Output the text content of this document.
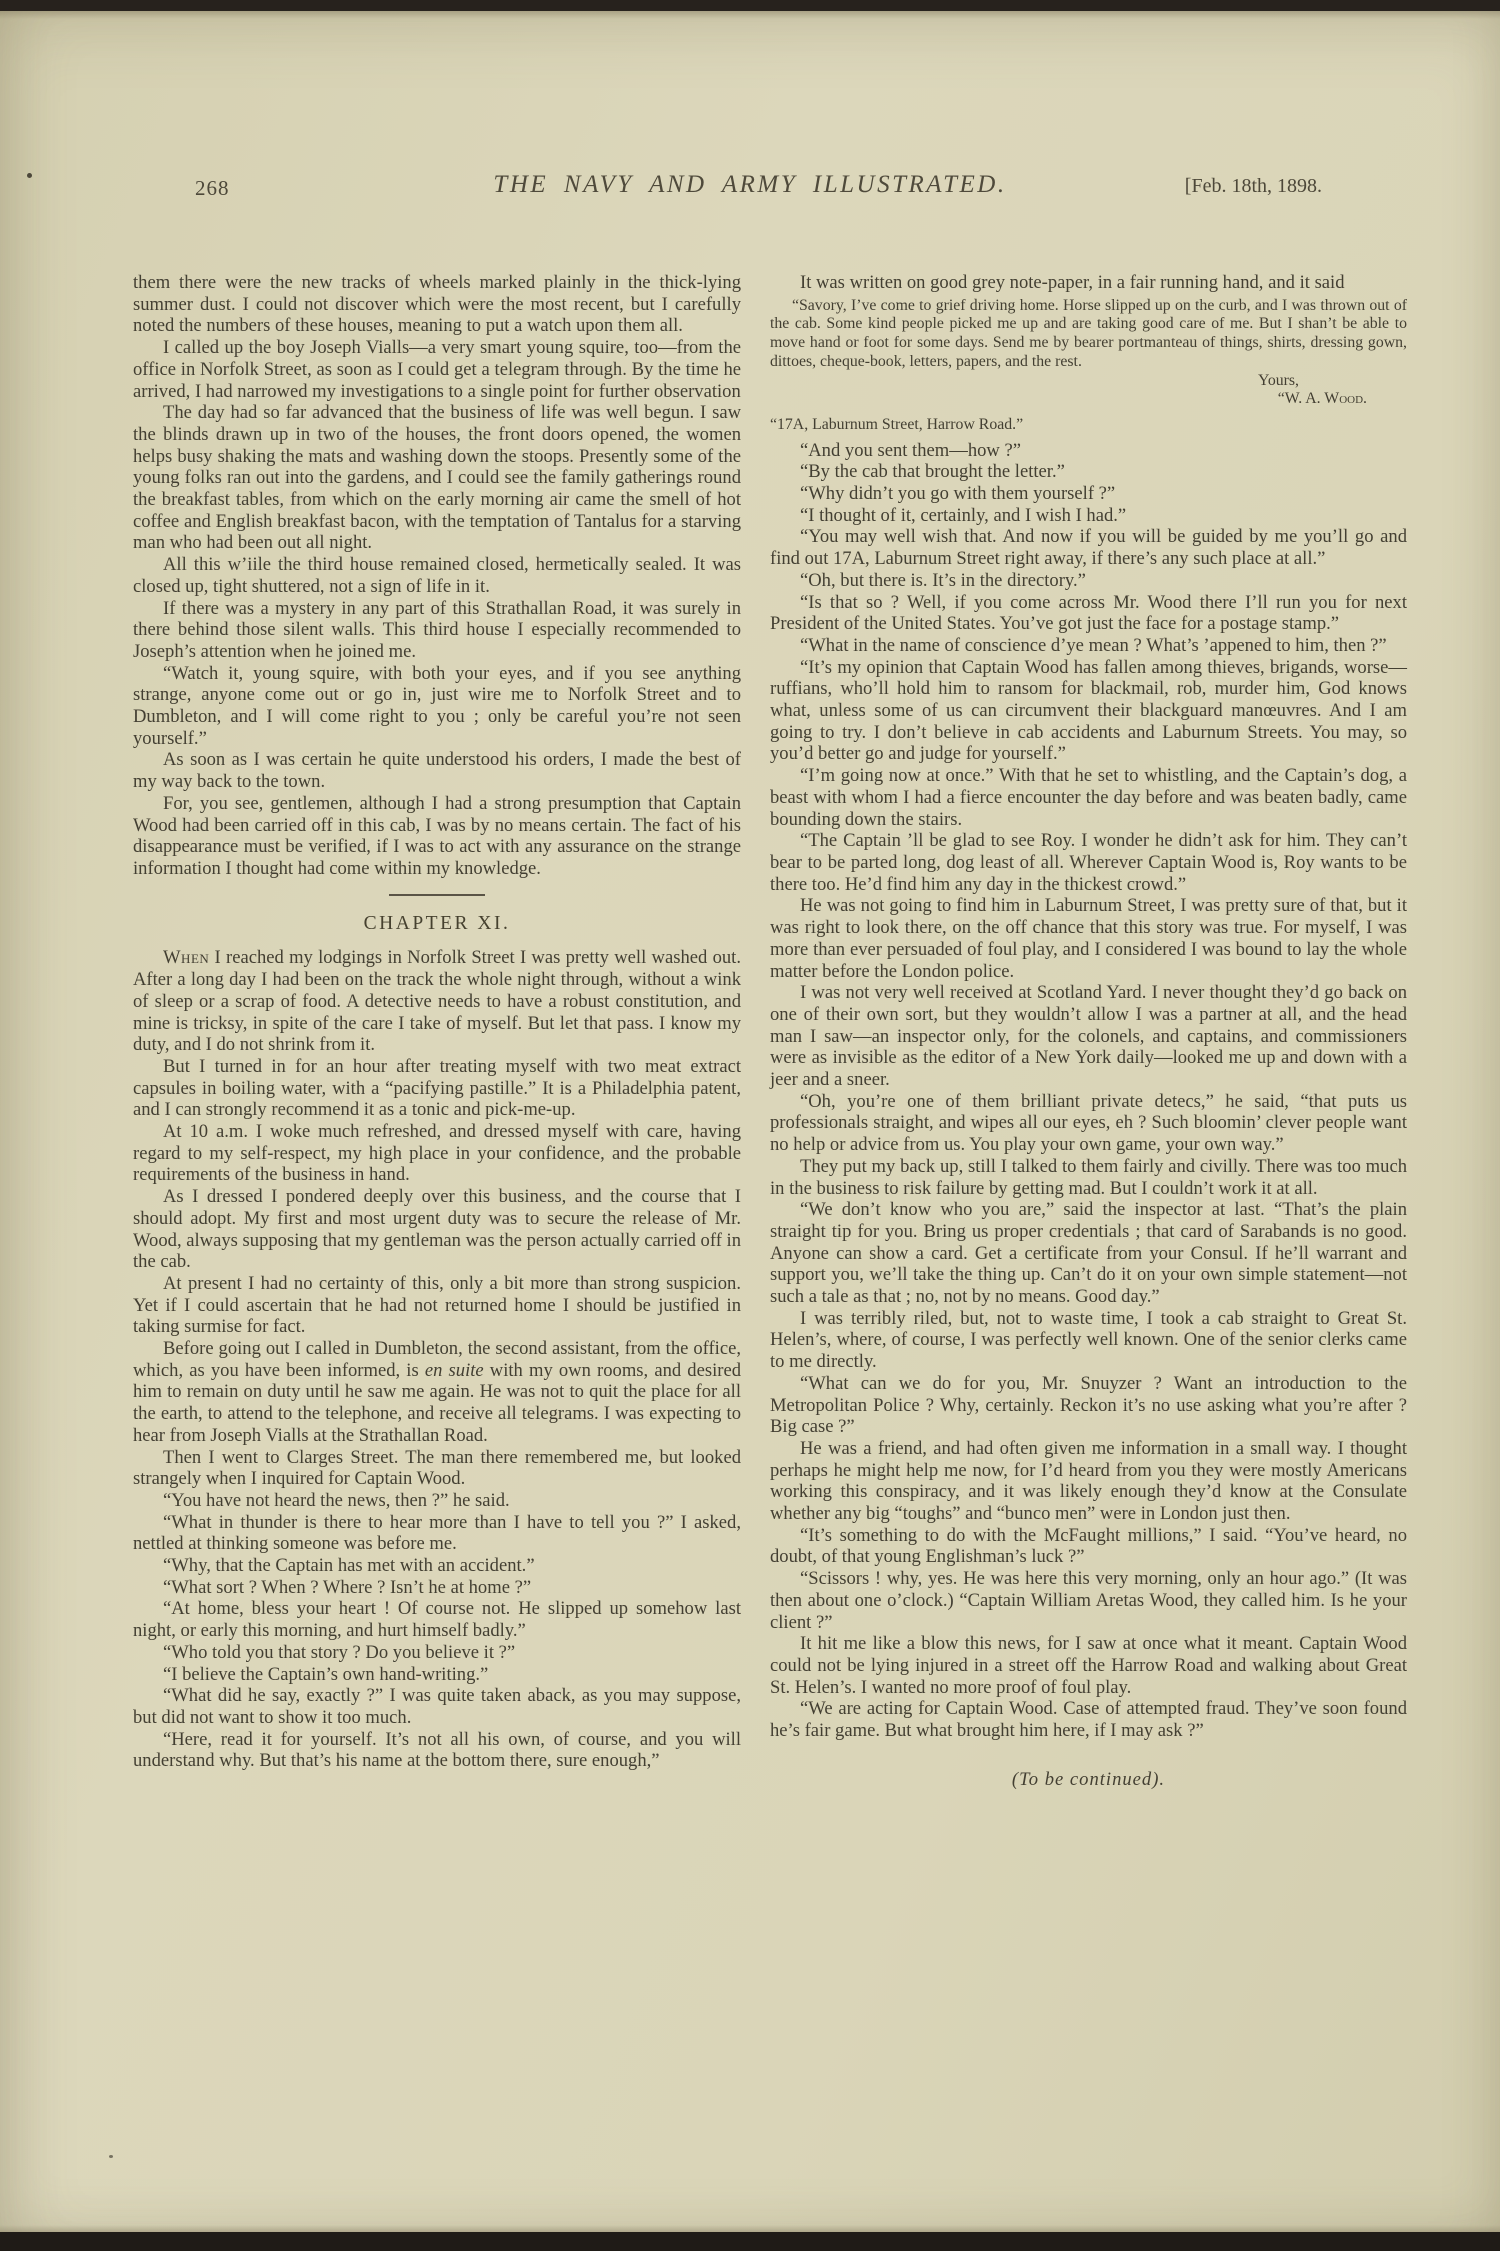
268	THE NAVY AND ARMY ILLUSTRATED.	[Feb. 18th, 1898.
them there were the new tracks of wheels marked plainly in the thick-lying summer dust. I could not discover which were the most recent, but I carefully noted the numbers of these houses, meaning to put a watch upon them all.
I called up the boy Joseph Vialls—a very smart young squire, too—from the office in Norfolk Street, as soon as I could get a telegram through. By the time he arrived, I had narrowed my investigations to a single point for further observation
The day had so far advanced that the business of life was well begun. I saw the blinds drawn up in two of the houses, the front doors opened, the women helps busy shaking the mats and washing down the stoops. Presently some of the young folks ran out into the gardens, and I could see the family gatherings round the breakfast tables, from which on the early morning air came the smell of hot coffee and English breakfast bacon, with the temptation of Tantalus for a starving man who had been out all night.
All this w’iile the third house remained closed, hermetically sealed. It was closed up, tight shuttered, not a sign of life in it.
If there was a mystery in any part of this Strathallan Road, it was surely in there behind those silent walls. This third house I especially recommended to Joseph’s attention when he joined me.
“Watch it, young squire, with both your eyes, and if you see anything strange, anyone come out or go in, just wire me to Norfolk Street and to Dumbleton, and I will come right to you ; only be careful you’re not seen yourself.”
As soon as I was certain he quite understood his orders, I made the best of my way back to the town.
For, you see, gentlemen, although I had a strong presumption that Captain Wood had been carried off in this cab, I was by no means certain. The fact of his disappearance must be verified, if I was to act with any assurance on the strange information I thought had come within my knowledge.
CHAPTER XI.
When I reached my lodgings in Norfolk Street I was pretty well washed out. After a long day I had been on the track the whole night through, without a wink of sleep or a scrap of food. A detective needs to have a robust constitution, and mine is tricksy, in spite of the care I take of myself. But let that pass. I know my duty, and I do not shrink from it.
But I turned in for an hour after treating myself with two meat extract capsules in boiling water, with a “pacifying pastille.” It is a Philadelphia patent, and I can strongly recommend it as a tonic and pick-me-up.
At 10 a.m. I woke much refreshed, and dressed myself with care, having regard to my self-respect, my high place in your confidence, and the probable requirements of the business in hand.
As I dressed I pondered deeply over this business, and the course that I should adopt. My first and most urgent duty was to secure the release of Mr. Wood, always supposing that my gentleman was the person actually carried off in the cab.
At present I had no certainty of this, only a bit more than strong suspicion. Yet if I could ascertain that he had not returned home I should be justified in taking surmise for fact.
Before going out I called in Dumbleton, the second assistant, from the office, which, as you have been informed, is en suite with my own rooms, and desired him to remain on duty until he saw me again. He was not to quit the place for all the earth, to attend to the telephone, and receive all telegrams. I was expecting to hear from Joseph Vialls at the Strathallan Road.
Then I went to Clarges Street. The man there remembered me, but looked strangely when I inquired for Captain Wood.
“You have not heard the news, then ?” he said.
“What in thunder is there to hear more than I have to tell you ?” I asked, nettled at thinking someone was before me.
“Why, that the Captain has met with an accident.”
“What sort ? When ? Where ? Isn’t he at home ?”
“At home, bless your heart ! Of course not. He slipped up somehow last night, or early this morning, and hurt himself badly.”
“Who told you that story ? Do you believe it ?”
“I believe the Captain’s own hand-writing.”
“What did he say, exactly ?” I was quite taken aback, as you may suppose, but did not want to show it too much.
“Here, read it for yourself. It’s not all his own, of course, and you will understand why. But that’s his name at the bottom there, sure enough,”
It was written on good grey note-paper, in a fair running hand, and it said
“Savory, I’ve come to grief driving home. Horse slipped up on the curb, and I was thrown out of the cab. Some kind people picked me up and are taking good care of me. But I shan’t be able to move hand or foot for some days. Send me by bearer portmanteau of things, shirts, dressing gown, dittoes, cheque-book, letters, papers, and the rest.
Yours,
“W. A. Wood.
“17A, Laburnum Street, Harrow Road.”
“And you sent them—how ?”
“By the cab that brought the letter.”
“Why didn’t you go with them yourself ?”
“I thought of it, certainly, and I wish I had.”
“You may well wish that. And now if you will be guided by me you’ll go and find out 17A, Laburnum Street right away, if there’s any such place at all.”
“Oh, but there is. It’s in the directory.”
“Is that so ? Well, if you come across Mr. Wood there I’ll run you for next President of the United States. You’ve got just the face for a postage stamp.”
“What in the name of conscience d’ye mean ? What’s ’appened to him, then ?”
“It’s my opinion that Captain Wood has fallen among thieves, brigands, worse—ruffians, who’ll hold him to ransom for blackmail, rob, murder him, God knows what, unless some of us can circumvent their blackguard manœuvres. And I am going to try. I don’t believe in cab accidents and Laburnum Streets. You may, so you’d better go and judge for yourself.”
“I’m going now at once.” With that he set to whistling, and the Captain’s dog, a beast with whom I had a fierce encounter the day before and was beaten badly, came bounding down the stairs.
“The Captain ’ll be glad to see Roy. I wonder he didn’t ask for him. They can’t bear to be parted long, dog least of all. Wherever Captain Wood is, Roy wants to be there too. He’d find him any day in the thickest crowd.”
He was not going to find him in Laburnum Street, I was pretty sure of that, but it was right to look there, on the off chance that this story was true. For myself, I was more than ever persuaded of foul play, and I considered I was bound to lay the whole matter before the London police.
I was not very well received at Scotland Yard. I never thought they’d go back on one of their own sort, but they wouldn’t allow I was a partner at all, and the head man I saw—an inspector only, for the colonels, and captains, and commissioners were as invisible as the editor of a New York daily—looked me up and down with a jeer and a sneer.
“Oh, you’re one of them brilliant private detecs,” he said, “that puts us professionals straight, and wipes all our eyes, eh ? Such bloomin’ clever people want no help or advice from us. You play your own game, your own way.”
They put my back up, still I talked to them fairly and civilly. There was too much in the business to risk failure by getting mad. But I couldn’t work it at all.
“We don’t know who you are,” said the inspector at last. “That’s the plain straight tip for you. Bring us proper credentials ; that card of Sarabands is no good. Anyone can show a card. Get a certificate from your Consul. If he’ll warrant and support you, we’ll take the thing up. Can’t do it on your own simple statement—not such a tale as that ; no, not by no means. Good day.”
I was terribly riled, but, not to waste time, I took a cab straight to Great St. Helen’s, where, of course, I was perfectly well known. One of the senior clerks came to me directly.
“What can we do for you, Mr. Snuyzer ? Want an introduction to the Metropolitan Police ? Why, certainly. Reckon it’s no use asking what you’re after ? Big case ?”
He was a friend, and had often given me information in a small way. I thought perhaps he might help me now, for I’d heard from you they were mostly Americans working this conspiracy, and it was likely enough they’d know at the Consulate whether any big “toughs” and “bunco men” were in London just then.
“It’s something to do with the McFaught millions,” I said. “You’ve heard, no doubt, of that young Englishman’s luck ?”
“Scissors ! why, yes. He was here this very morning, only an hour ago.” (It was then about one o’clock.) “Captain William Aretas Wood, they called him. Is he your client ?”
It hit me like a blow this news, for I saw at once what it meant. Captain Wood could not be lying injured in a street off the Harrow Road and walking about Great St. Helen’s. I wanted no more proof of foul play.
“We are acting for Captain Wood. Case of attempted fraud. They’ve soon found he’s fair game. But what brought him here, if I may ask ?”
(To be continued).
